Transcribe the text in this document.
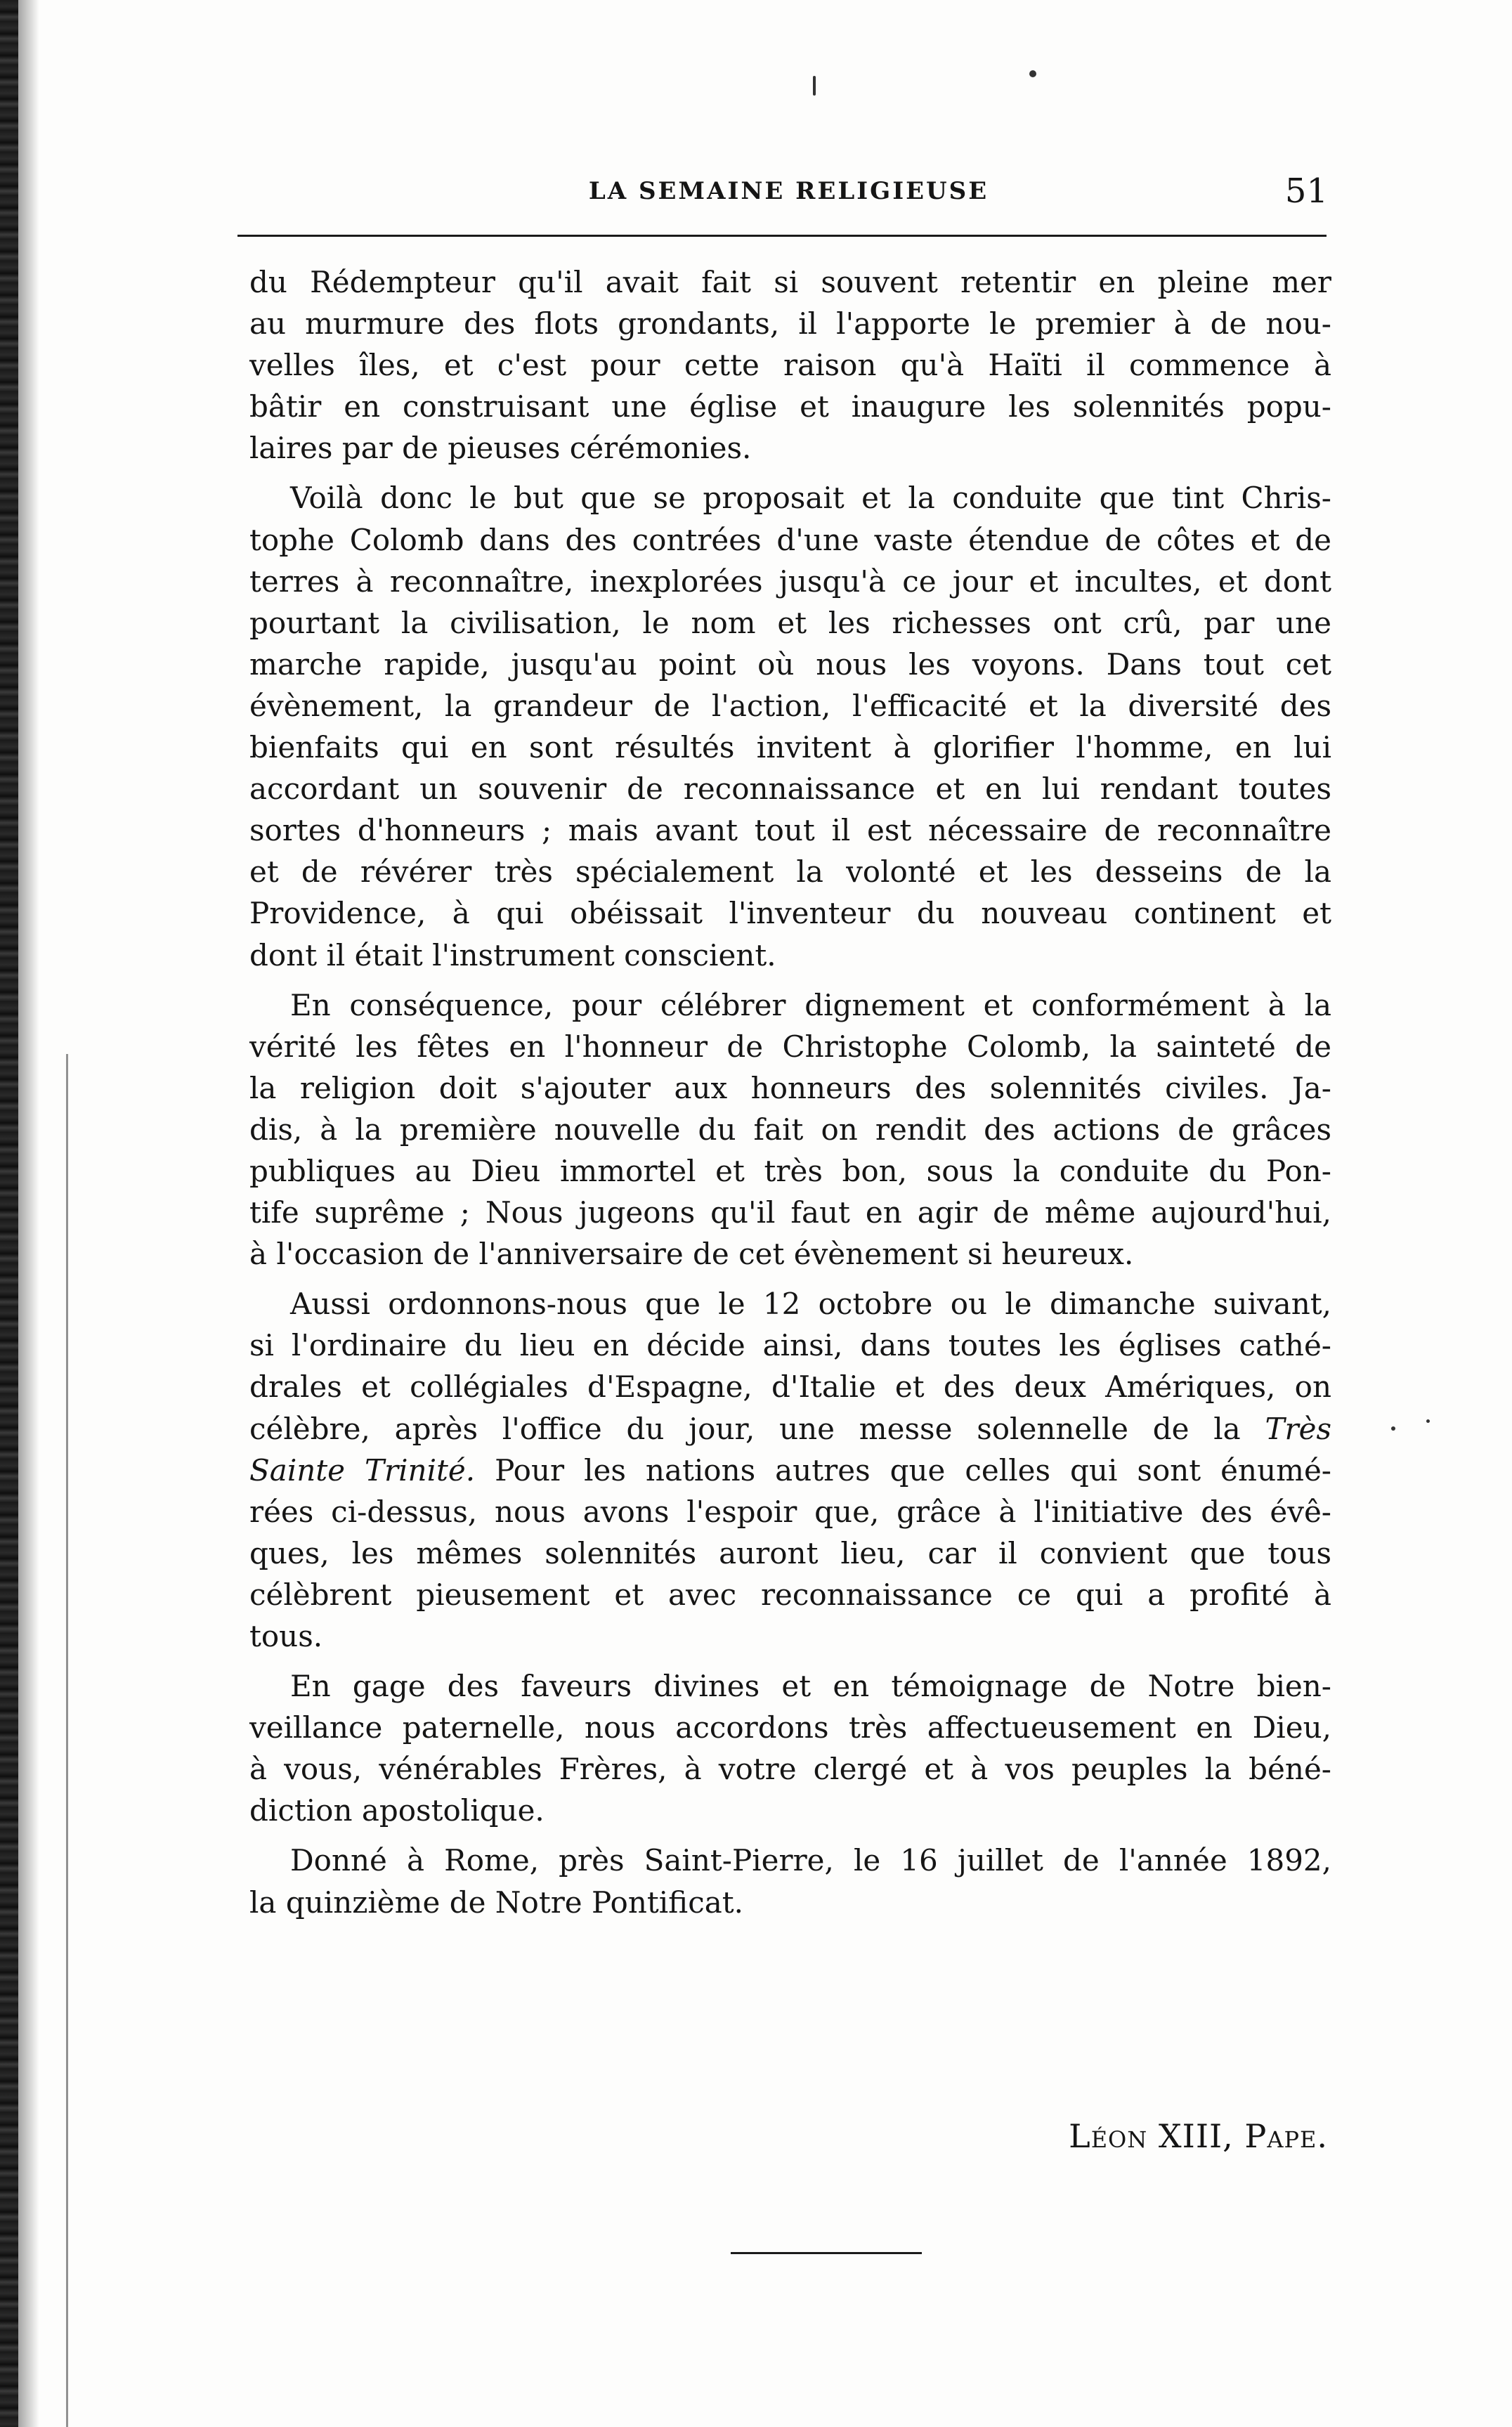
LA SEMAINE RELIGIEUSE	51

du Rédempteur qu'il avait fait si souvent retentir en pleine mer
au murmure des flots grondants, il l'apporte le premier à de nou-
velles îles, et c'est pour cette raison qu'à Haïti il commence à
bâtir en construisant une église et inaugure les solennités popu-
laires par de pieuses cérémonies.

Voilà donc le but que se proposait et la conduite que tint Chris-
tophe Colomb dans des contrées d'une vaste étendue de côtes et de
terres à reconnaître, inexplorées jusqu'à ce jour et incultes, et dont
pourtant la civilisation, le nom et les richesses ont crû, par une
marche rapide, jusqu'au point où nous les voyons. Dans tout cet
évènement, la grandeur de l'action, l'efficacité et la diversité des
bienfaits qui en sont résultés invitent à glorifier l'homme, en lui
accordant un souvenir de reconnaissance et en lui rendant toutes
sortes d'honneurs ; mais avant tout il est nécessaire de reconnaître
et de révérer très spécialement la volonté et les desseins de la
Providence, à qui obéissait l'inventeur du nouveau continent et
dont il était l'instrument conscient.

En conséquence, pour célébrer dignement et conformément à la
vérité les fêtes en l'honneur de Christophe Colomb, la sainteté de
la religion doit s'ajouter aux honneurs des solennités civiles. Ja-
dis, à la première nouvelle du fait on rendit des actions de grâces
publiques au Dieu immortel et très bon, sous la conduite du Pon-
tife suprême ; Nous jugeons qu'il faut en agir de même aujourd'hui,
à l'occasion de l'anniversaire de cet évènement si heureux.

Aussi ordonnons-nous que le 12 octobre ou le dimanche suivant,
si l'ordinaire du lieu en décide ainsi, dans toutes les églises cathé-
drales et collégiales d'Espagne, d'Italie et des deux Amériques, on
célèbre, après l'office du jour, une messe solennelle de la Très
Sainte Trinité. Pour les nations autres que celles qui sont énumé-
rées ci-dessus, nous avons l'espoir que, grâce à l'initiative des évê-
ques, les mêmes solennités auront lieu, car il convient que tous
célèbrent pieusement et avec reconnaissance ce qui a profité à
tous.

En gage des faveurs divines et en témoignage de Notre bien-
veillance paternelle, nous accordons très affectueusement en Dieu,
à vous, vénérables Frères, à votre clergé et à vos peuples la béné-
diction apostolique.

Donné à Rome, près Saint-Pierre, le 16 juillet de l'année 1892,
la quinzième de Notre Pontificat.

Léon XIII, Pape.
